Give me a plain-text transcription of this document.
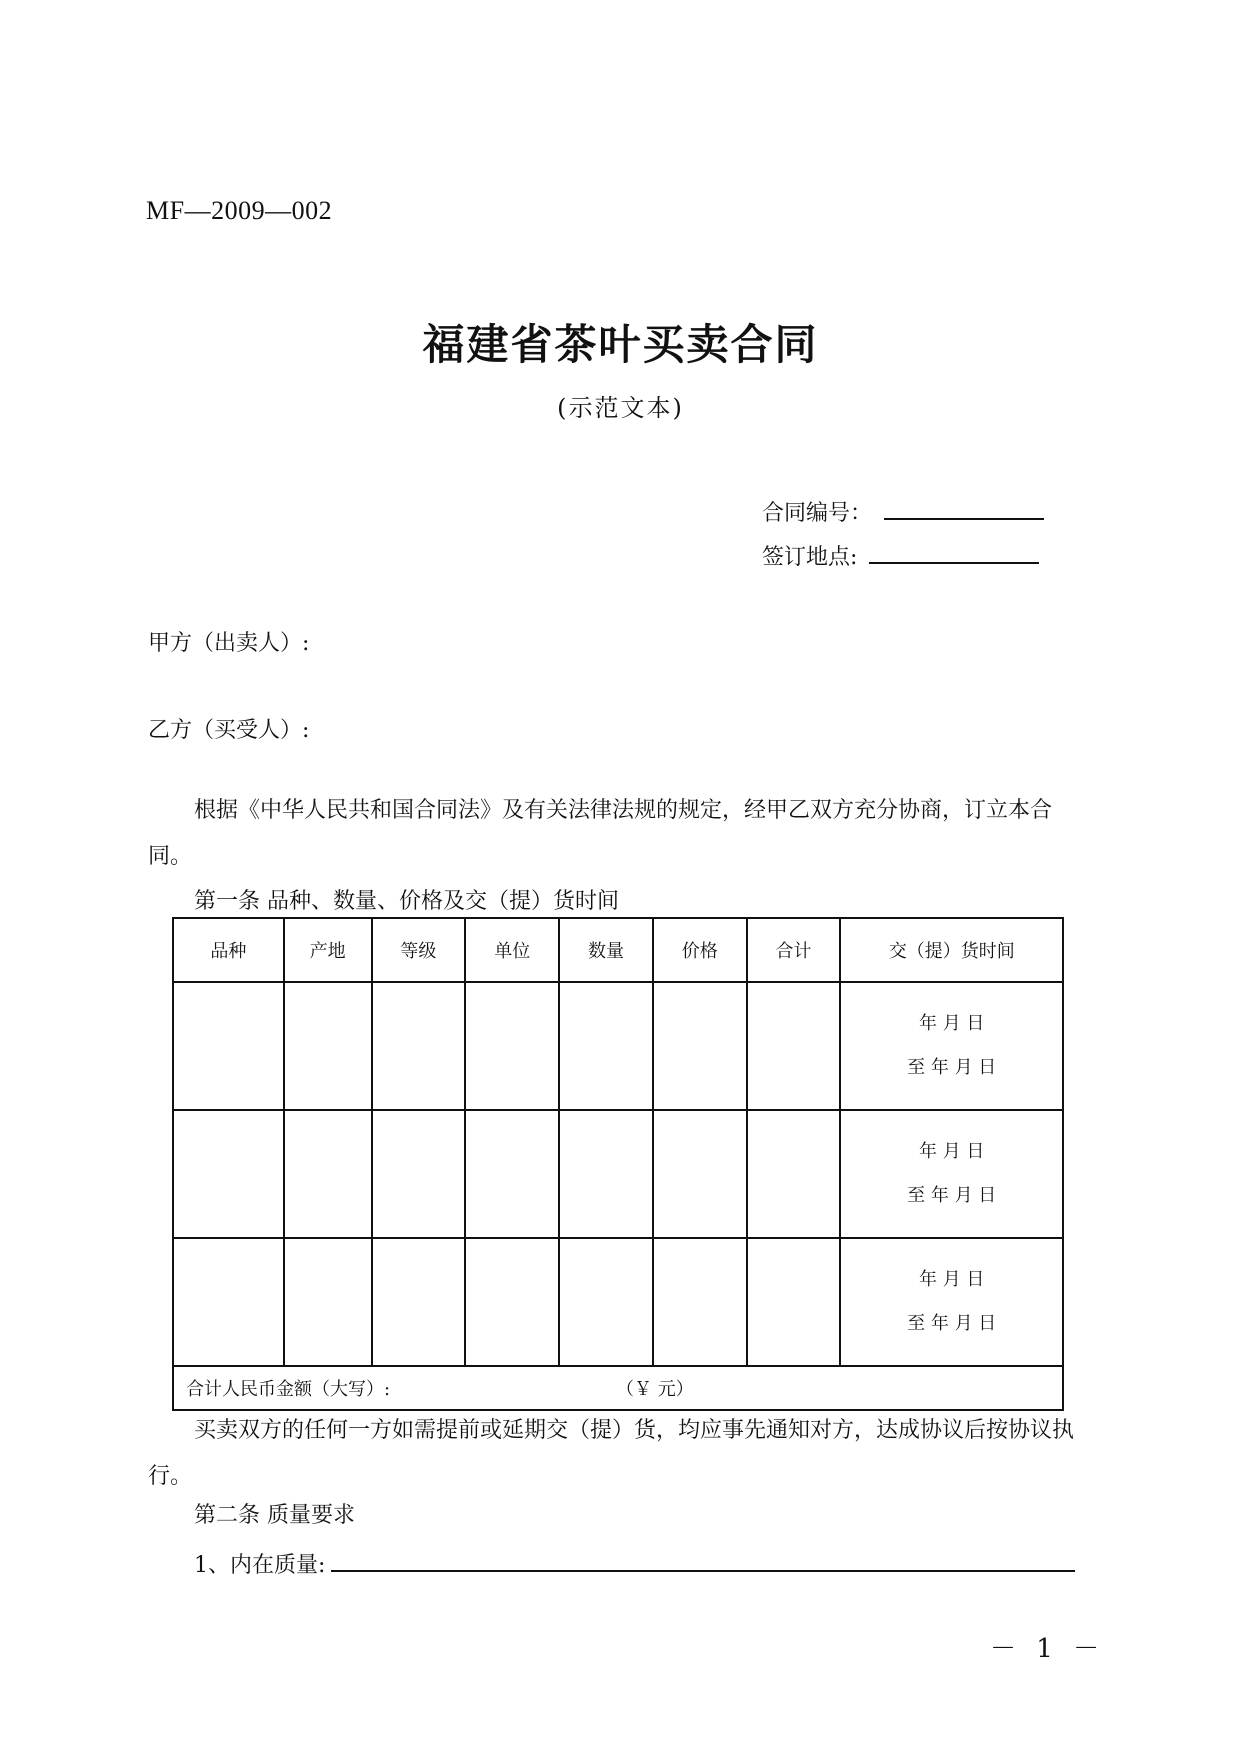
MF—2009—002
福建省茶叶买卖合同
(示范文本)
合同编号：
签订地点:
甲方（出卖人）:
乙方（买受人）:
根据《中华人民共和国合同法》及有关法律法规的规定，经甲乙双方充分协商，订立本合同。
第一条 品种、数量、价格及交（提）货时间
品种	产地	等级	单位	数量	价格	合计	交（提）货时间

							年 月 日
至 年 月 日

							年 月 日
至 年 月 日

							年 月 日
至 年 月 日

合计人民币金额（大写）: （￥ 元）							
买卖双方的任何一方如需提前或延期交（提）货，均应事先通知对方，达成协议后按协议执行。
第二条 质量要求
1、内在质量:
－ 1 －
